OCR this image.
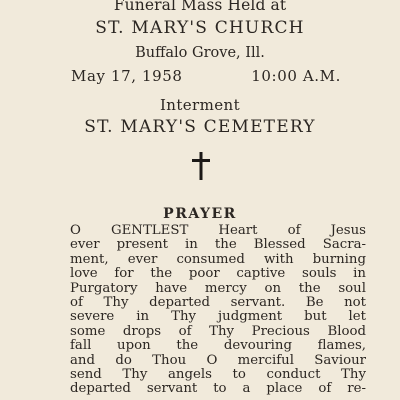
Funeral Mass Held at
ST. MARY'S CHURCH
Buffalo Grove, Ill.
May 17, 1958	10:00 A.M.
Interment
ST. MARY'S CEMETERY
PRAYER
O GENTLEST Heart of Jesus
ever present in the Blessed Sacra-
ment, ever consumed with burning
love for the poor captive souls in
Purgatory have mercy on the soul
of Thy departed servant. Be not
severe in Thy judgment but let
some drops of Thy Precious Blood
fall upon the devouring flames,
and do Thou O merciful Saviour
send Thy angels to conduct Thy
departed servant to a place of re-
